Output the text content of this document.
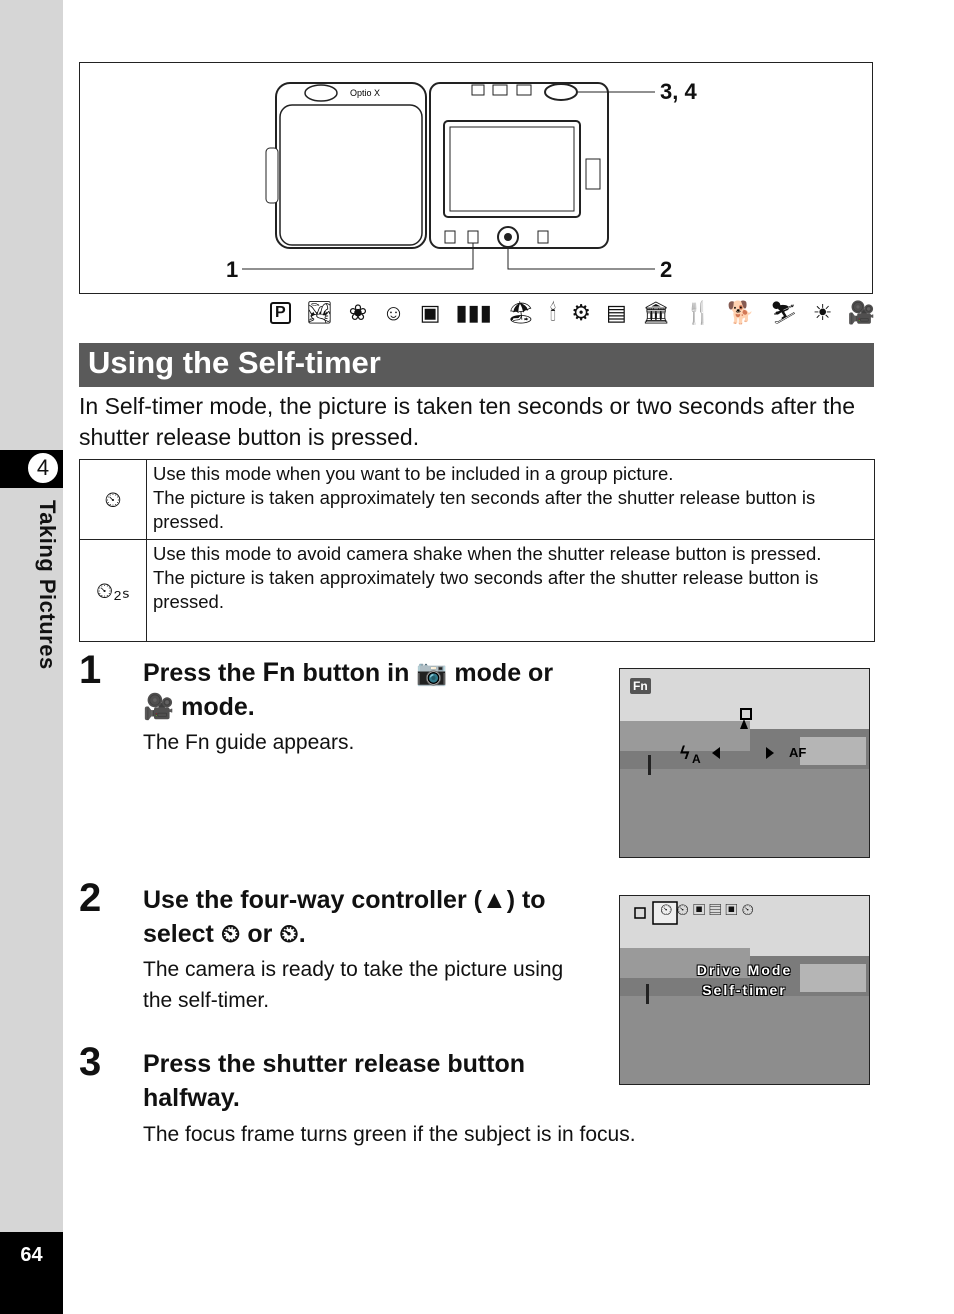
4
Taking Pictures
64
Optio X	3, 4
1	2
P 🏞 ❀ ☺ ▣ ▮▮▮ 🏖 🕯 ⚙ ▤ 🏛 🍴 🐕 ⛷ ☀ 🎥
Using the Self-timer
In Self-timer mode, the picture is taken ten seconds or two seconds after the shutter release button is pressed.
⏲	Use this mode when you want to be included in a group picture.
The picture is taken approximately ten seconds after the shutter release button is pressed.

⏲₂ₛ	Use this mode to avoid camera shake when the shutter release button is pressed.
The picture is taken approximately two seconds after the shutter release button is pressed.
1 Press the Fn button in 📷 mode or
🎥 mode.
The Fn guide appears.	ϟ A
Fn
AF
2 Use the four-way controller (▲) to
select ⏲ or ⏲.
The camera is ready to take the picture using the self-timer.
⏲⏲▣▤▣⏲
Drive Mode
Self-timer
3 Press the shutter release button halfway.
The focus frame turns green if the subject is in focus.
